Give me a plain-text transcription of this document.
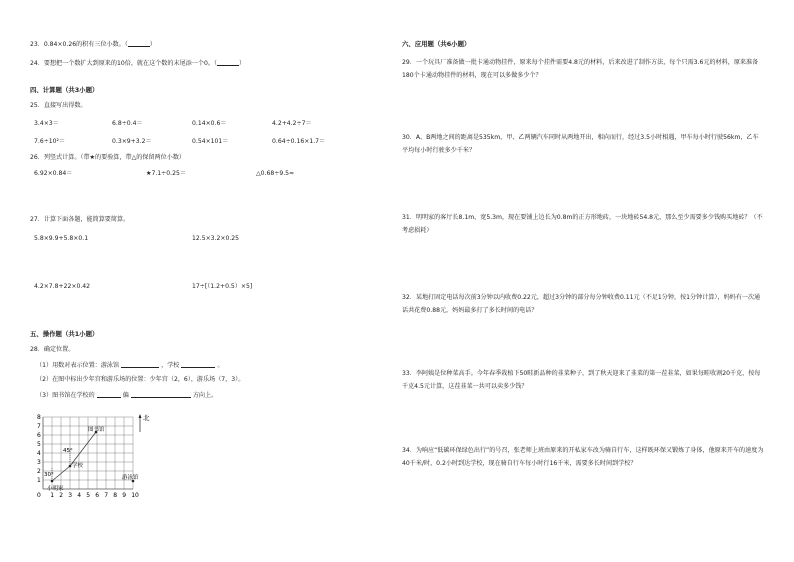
23．0.84×0.26的积有三位小数。（	）
24．要想把一个数扩大到原来的10倍，就在这个数的末尾添一个0。（	）
四、计算题（共3小题）
25．直接写出得数。
3.4×3＝	6.8÷0.4＝	0.14×0.6＝	4.2+4.2÷7＝
7.6÷10²＝	0.3×9+3.2＝	0.54×101＝	0.64÷0.16×1.7＝
26．列竖式计算。（带★的要验算，带△的保留两位小数）
6.92×0.84＝	★7.1÷0.25＝	△0.68÷9.5≈
27．计算下面各题，能简算要简算。
5.8×9.9+5.8×0.1	12.5×3.2×0.25
4.2×7.8+22×0.42	17÷[（1.2+0.5）×5]
五、操作题（共1小题）
28．确定位置。
（1）用数对表示位置：游泳馆	，学校	。
（2）在图中标出少年宫和游乐场的位置：少年宫（2，6），游乐场（7，3）。
（3）图书馆在学校的	偏	方向上。
1 2 3 4 5 6 7 8 9 10
1
2
3
4
5
6
7
8
0
北
图书馆
学校
游泳馆
小明家
45°
30°
六、应用题（共6小题）
29．一个玩具厂准备做一批卡通动物挂件，原来每个挂件需要4.8元的材料，后来改进了制作方法，每个只需3.6元的材料，原来准备180个卡通动物挂件的材料，现在可以多做多少个？
30．A、B两地之间的距离是535km，甲、乙两辆汽车同时从两地开出，相向而行，经过3.5小时相遇，甲车每小时行驶56km，乙车平均每小时行驶多少千米？
31．明明家的客厅长8.1m，宽5.3m，现在要铺上边长为0.8m的正方形地砖，一块地砖54.8元，那么至少需要多少钱购买地砖？（不考虑损耗）
32．某地打固定电话每次前3分钟以内收费0.22元，超过3分钟的部分每分钟收费0.11元（不足1分钟，按1分钟计算），妈妈有一次通话共花费0.88元，妈妈最多打了多长时间的电话？
33．李阿姨是位种菜高手。今年春季栽植下50畦新品种的韭菜种子，到了秋天迎来了韭菜的第一茬韭菜，如果每畦收割20千克，按每千克4.5元计算，这茬韭菜一共可以卖多少钱？
34．为响应“低碳环保绿色出行”的号召，张老师上班由原来的开私家车改为骑自行车，这样既环保又锻炼了身体，他原来开车的速度为40千米/时，0.2小时到达学校，现在骑自行车每小时行16千米，需要多长时间到学校？
